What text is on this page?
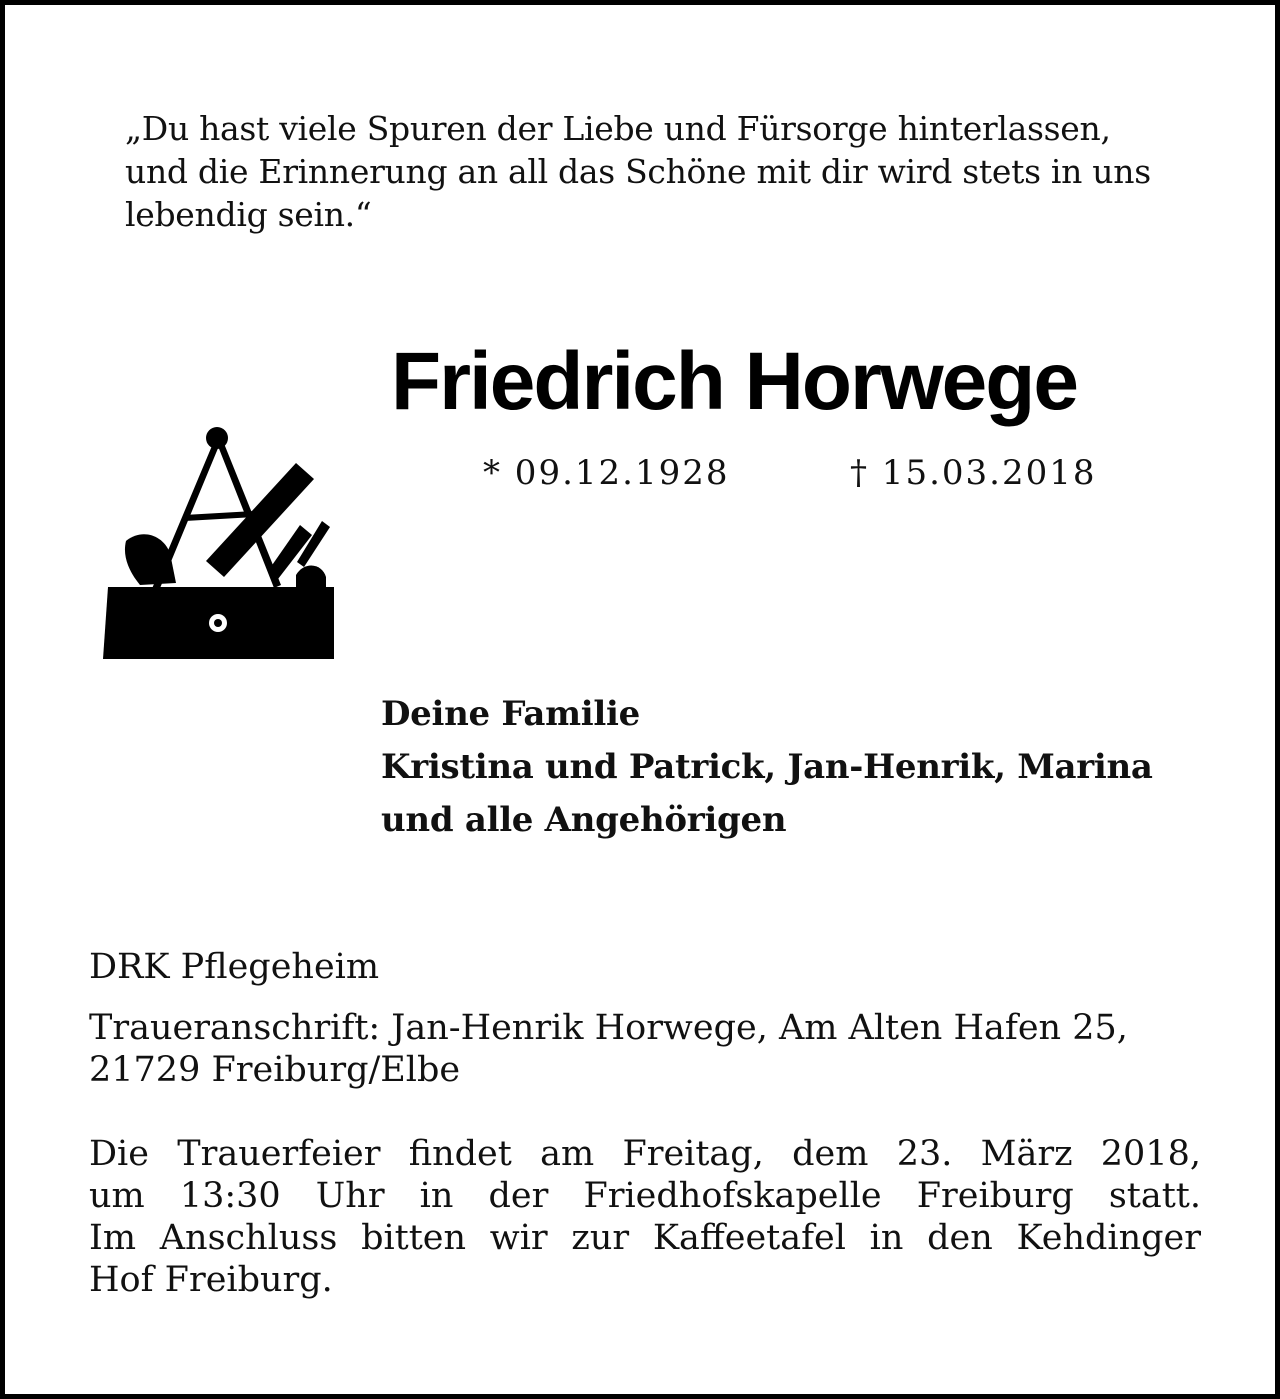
„Du hast viele Spuren der Liebe und Fürsorge hinterlassen,
und die Erinnerung an all das Schöne mit dir wird stets in uns
lebendig sein.“
Friedrich Horwege
* 09.12.1928	† 15.03.2018
Deine Familie
Kristina und Patrick, Jan-Henrik, Marina
und alle Angehörigen
DRK Pflegeheim
Traueranschrift: Jan-Henrik Horwege, Am Alten Hafen 25,
21729 Freiburg/Elbe
Die Trauerfeier findet am Freitag, dem 23. März 2018,
um 13:30 Uhr in der Friedhofskapelle Freiburg statt.
Im Anschluss bitten wir zur Kaffeetafel in den Kehdinger
Hof Freiburg.
